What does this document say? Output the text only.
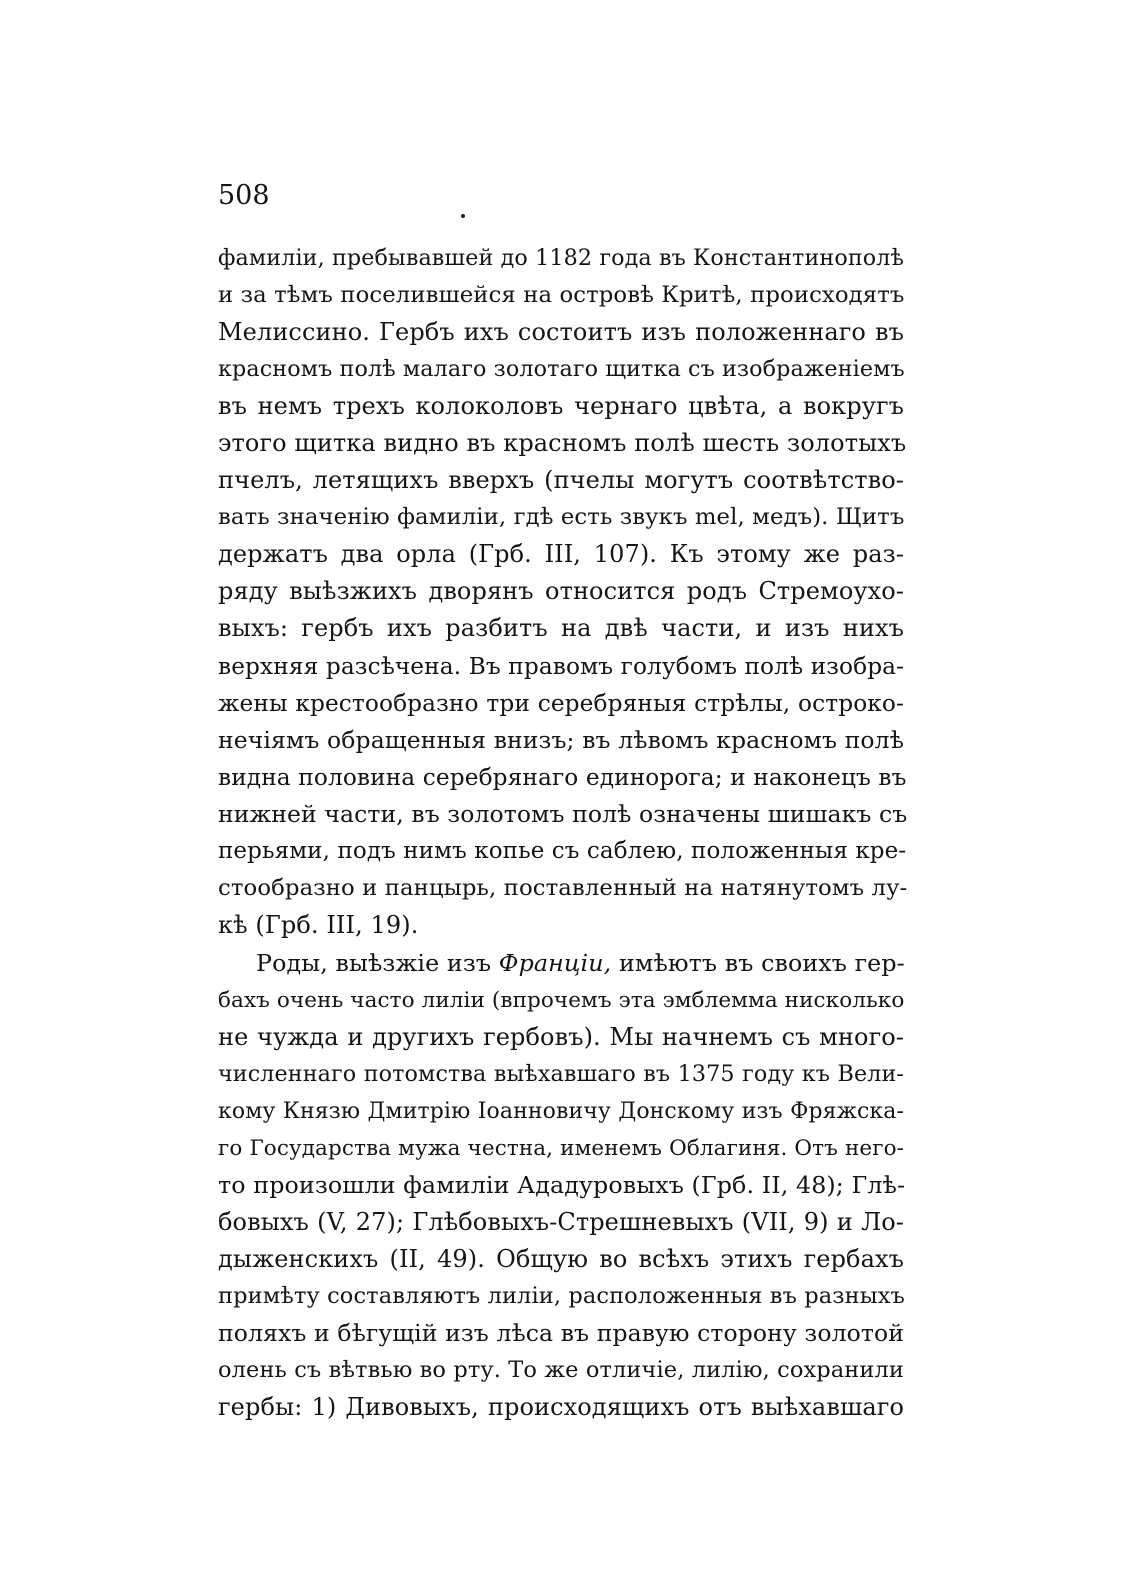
508
фамиліи, пребывавшей до 1182 года въ Константинополѣ
и за тѣмъ поселившейся на островѣ Критѣ, происходятъ
Мелиссино. Гербъ ихъ состоитъ изъ положеннаго въ
красномъ полѣ малаго золотаго щитка съ изображеніемъ
въ немъ трехъ колоколовъ чернаго цвѣта, а вокругъ
этого щитка видно въ красномъ полѣ шесть золотыхъ
пчелъ, летящихъ вверхъ (пчелы могутъ соотвѣтство-
вать значенію фамиліи, гдѣ есть звукъ mel, медъ). Щитъ
держатъ два орла (Грб. III, 107). Къ этому же раз-
ряду выѣзжихъ дворянъ относится родъ Стремоухо-
выхъ: гербъ ихъ разбитъ на двѣ части, и изъ нихъ
верхняя разсѣчена. Въ правомъ голубомъ полѣ изобра-
жены крестообразно три серебряныя стрѣлы, остроко-
нечіямъ обращенныя внизъ; въ лѣвомъ красномъ полѣ
видна половина серебрянаго единорога; и наконецъ въ
нижней части, въ золотомъ полѣ означены шишакъ съ
перьями, подъ нимъ копье съ саблею, положенныя кре-
стообразно и панцырь, поставленный на натянутомъ лу-
кѣ (Грб. III, 19).
Роды, выѣзжіе изъ Франціи, имѣютъ въ своихъ гер-
бахъ очень часто лиліи (впрочемъ эта эмблемма нисколько
не чужда и другихъ гербовъ). Мы начнемъ съ много-
численнаго потомства выѣхавшаго въ 1375 году къ Вели-
кому Князю Дмитрію Іоанновичу Донскому изъ Фряжска-
го Государства мужа честна, именемъ Облагиня. Отъ него-
то произошли фамиліи Ададуровыхъ (Грб. II, 48); Глѣ-
бовыхъ (V, 27); Глѣбовыхъ-Стрешневыхъ (VII, 9) и Ло-
дыженскихъ (II, 49). Общую во всѣхъ этихъ гербахъ
примѣту составляютъ лиліи, расположенныя въ разныхъ
поляхъ и бѣгущій изъ лѣса въ правую сторону золотой
олень съ вѣтвью во рту. То же отличіе, лилію, сохранили
гербы: 1) Дивовыхъ, происходящихъ отъ выѣхавшаго
